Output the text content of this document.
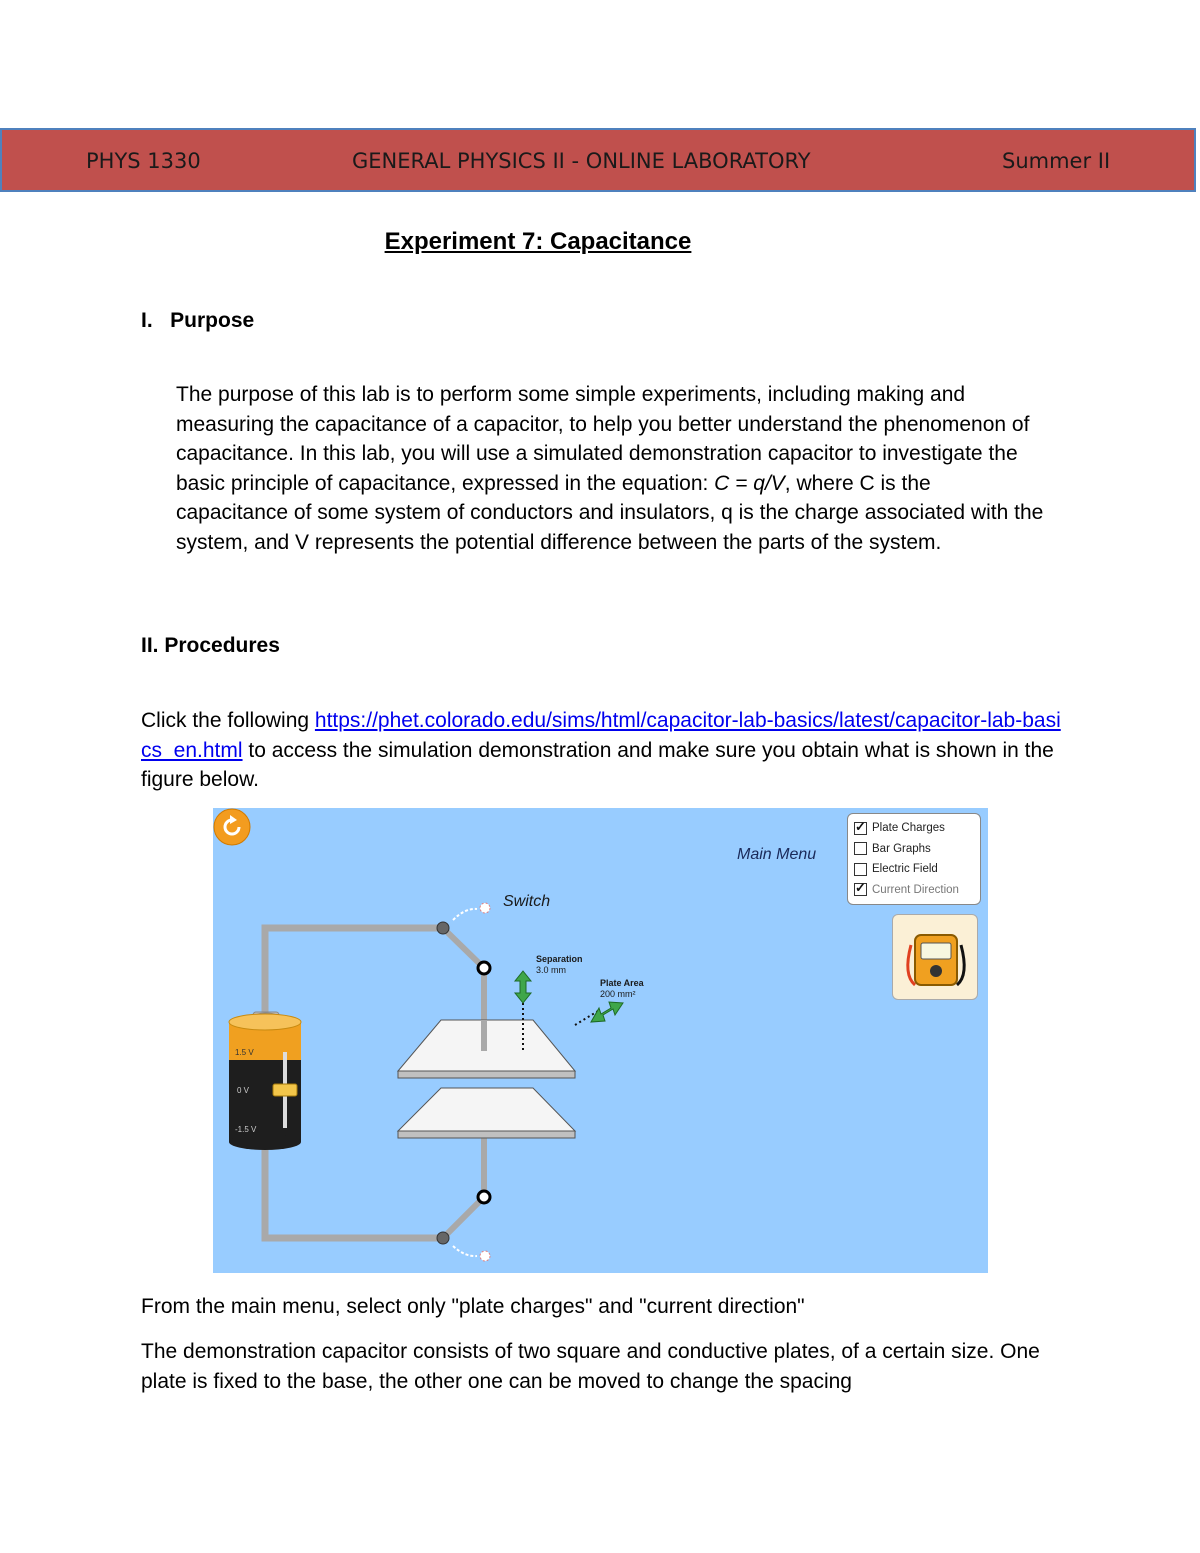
PHYS 1330	GENERAL PHYSICS II - ONLINE LABORATORY	Summer II
Experiment 7: Capacitance
I.   Purpose
The purpose of this lab is to perform some simple experiments, including making and measuring the capacitance of a capacitor, to help you better understand the phenomenon of capacitance. In this lab, you will use a simulated demonstration capacitor to investigate the basic principle of capacitance, expressed in the equation: C = q/V, where C is the capacitance of some system of conductors and insulators, q is the charge associated with the system, and V represents the potential difference between the parts of the system.
II. Procedures
Click the following https://phet.colorado.edu/sims/html/capacitor-lab-basics/latest/capacitor-lab-basics_en.html to access the simulation demonstration and make sure you obtain what is shown in the figure below.
1.5 V
0 V
-1.5 V
Main Menu
Switch
Separation
3.0 mm
Plate Area
200 mm²
✓
Plate Charges
Bar Graphs
Electric Field
✓
Current Direction
From the main menu, select only "plate charges" and "current direction"
The demonstration capacitor consists of two square and conductive plates, of a certain size. One plate is fixed to the base, the other one can be moved to change the spacing
